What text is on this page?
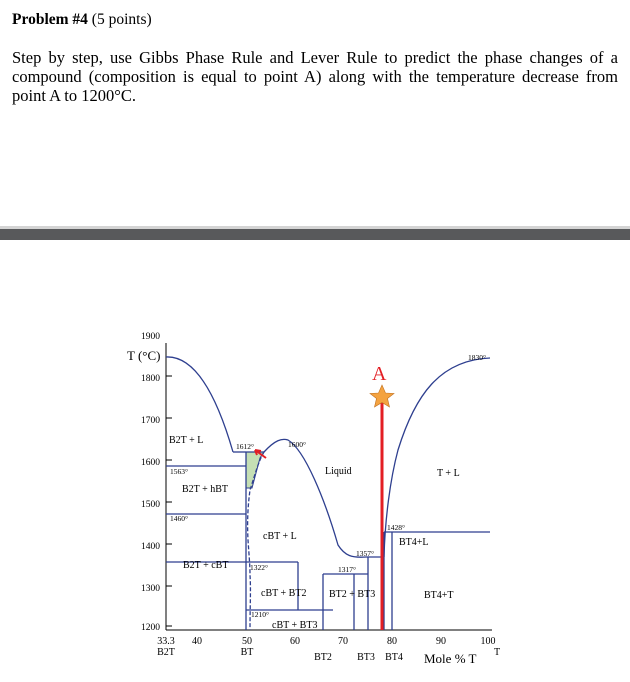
Problem #4 (5 points)
Step by step, use Gibbs Phase Rule and Lever Rule to predict the phase changes of a compound (composition is equal to point A) along with the temperature decrease from point A to 1200°C.
A
1900
1800
1700
1600
1500
1400
1300
1200
T (°C)
33.3 40	50	60	70	80	90	100
B2T	BT	BT2	BT3 BT4	T
Mole % T
1830°
1612°	1600°
1563°
1460°
1428°
1357°
1322°	1317°
1210°
B2T + L
Liquid	T + L
B2T + hBT
cBT + L
BT4+L
B2T + cBT
cBT + BT2 BT2 + BT3	BT4+T
cBT + BT3
